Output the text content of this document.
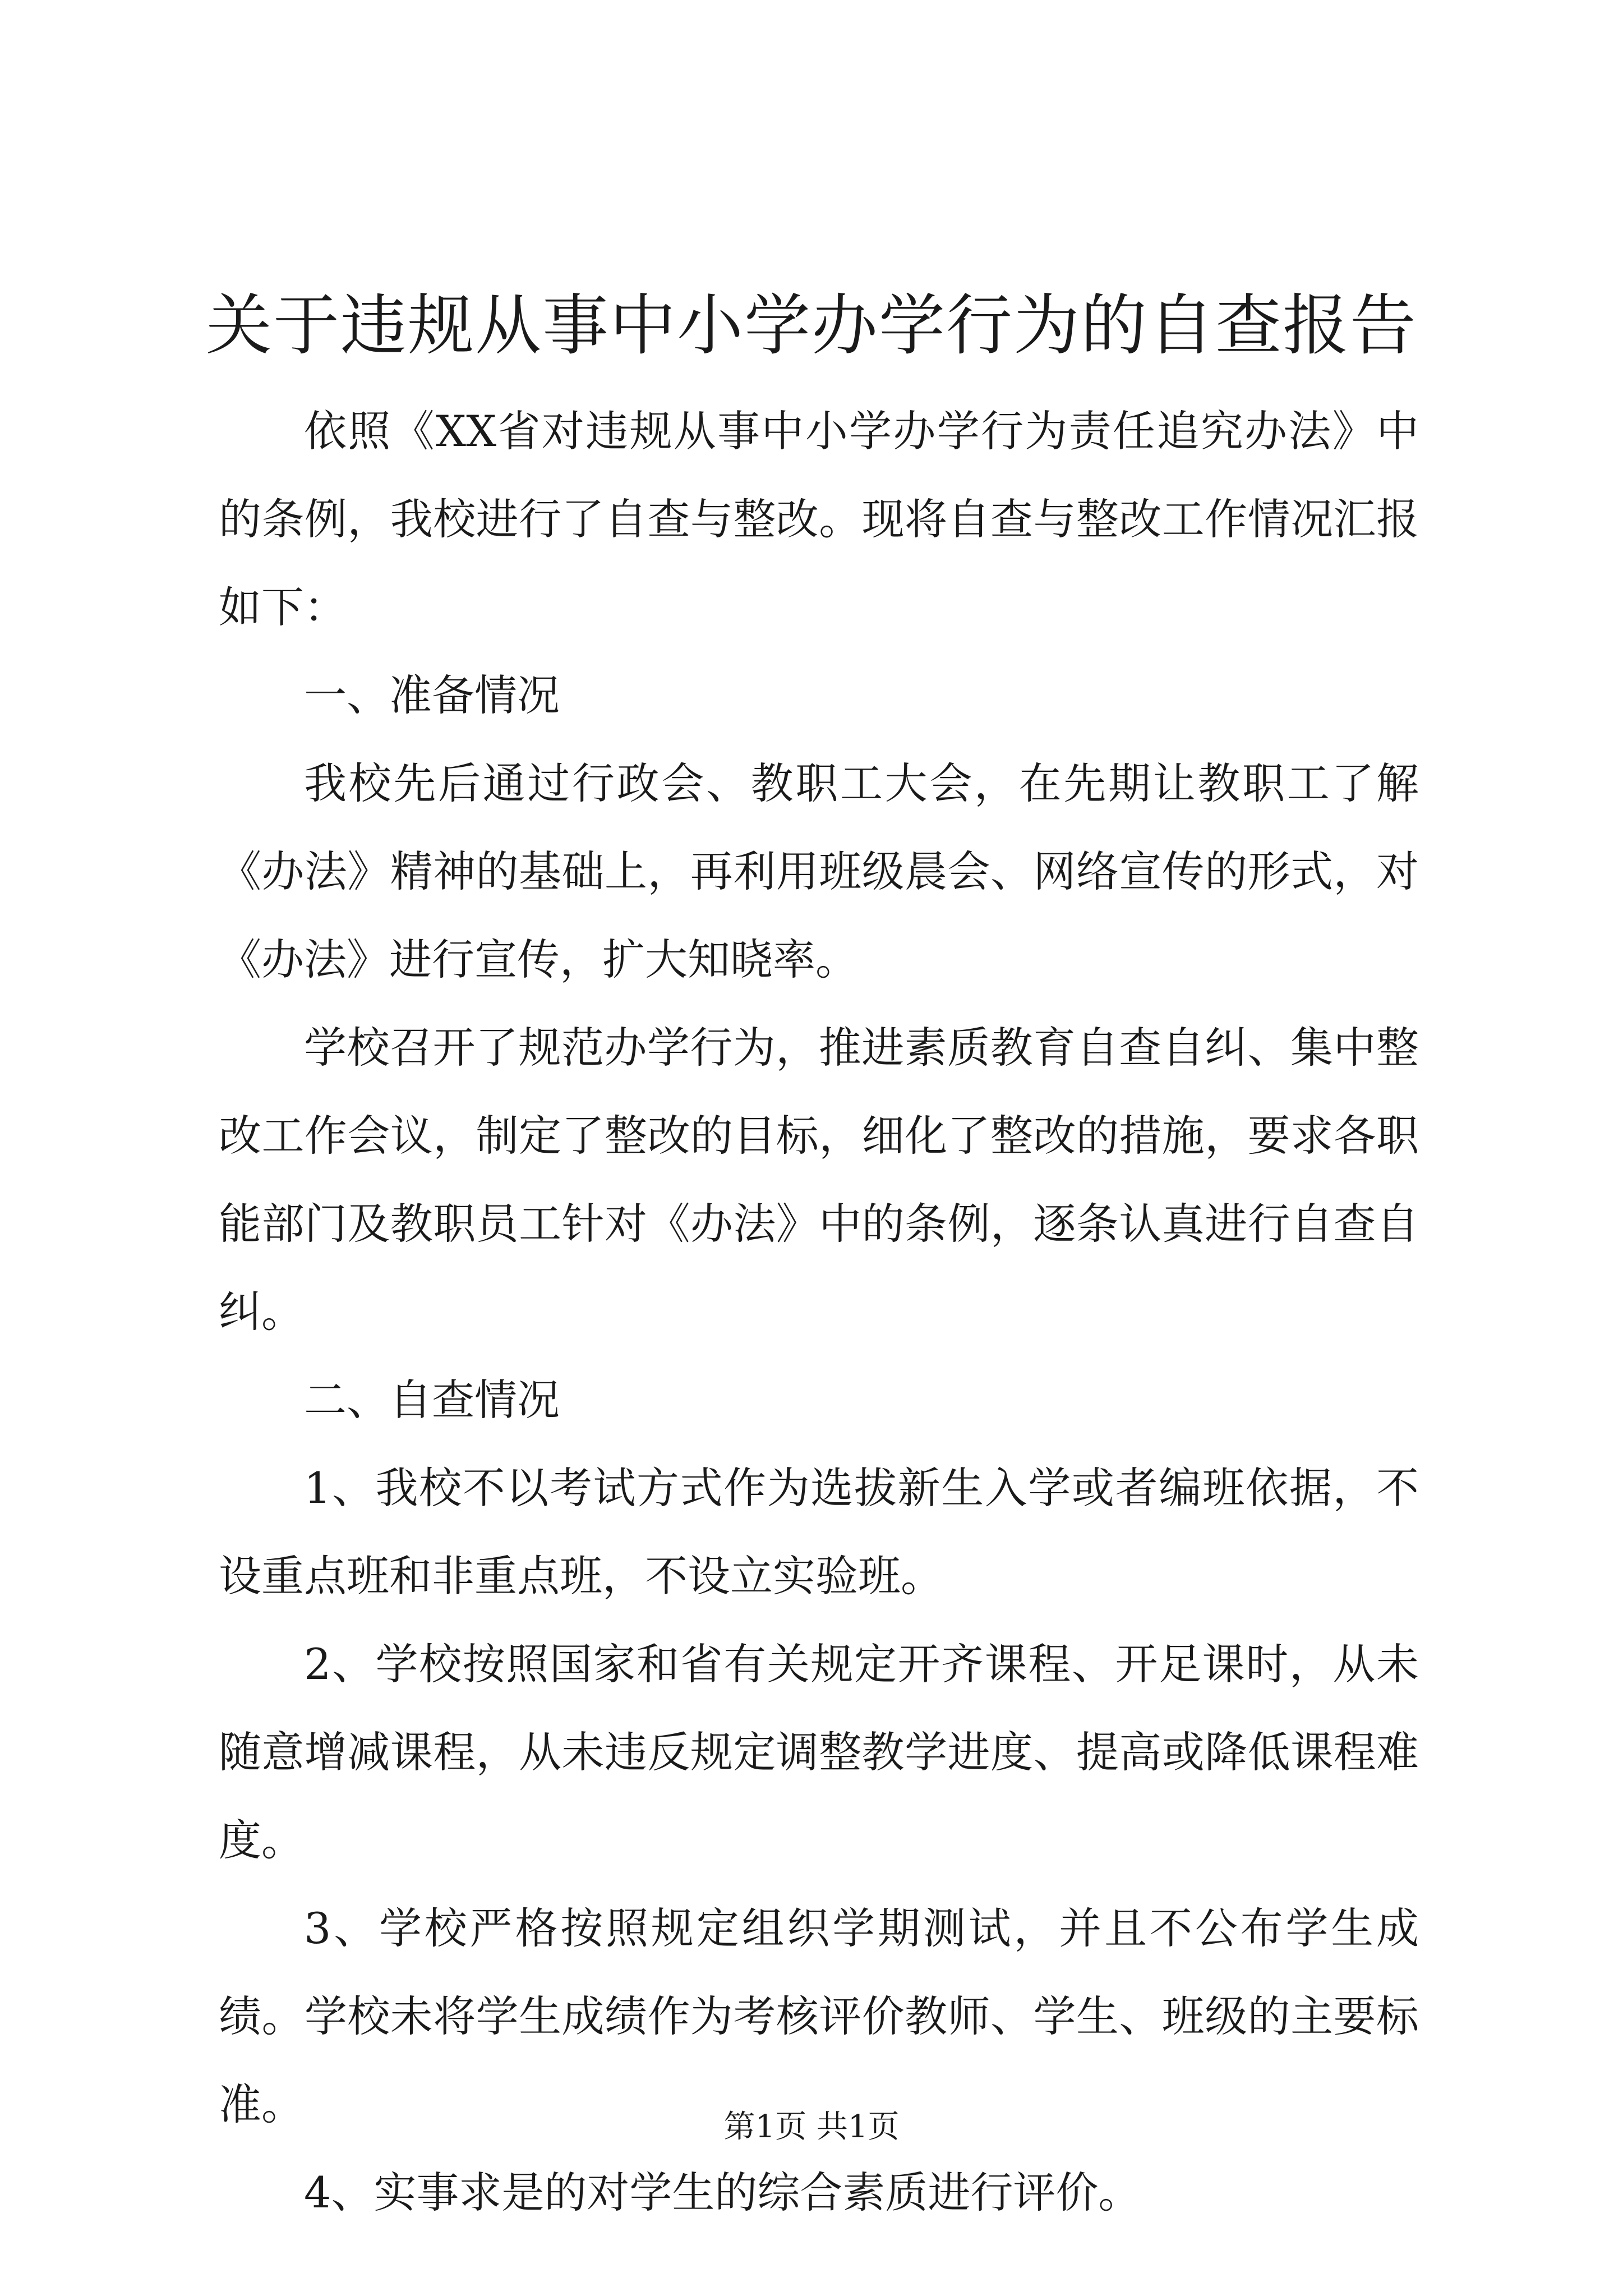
关于违规从事中小学办学行为的自查报告

依照《XX省对违规从事中小学办学行为责任追究办法》中的条例，我校进行了自查与整改。现将自查与整改工作情况汇报如下：

一、准备情况

我校先后通过行政会、教职工大会，在先期让教职工了解《办法》精神的基础上，再利用班级晨会、网络宣传的形式，对《办法》进行宣传，扩大知晓率。

学校召开了规范办学行为，推进素质教育自查自纠、集中整改工作会议，制定了整改的目标，细化了整改的措施，要求各职能部门及教职员工针对《办法》中的条例，逐条认真进行自查自纠。

二、自查情况

1、我校不以考试方式作为选拔新生入学或者编班依据，不设重点班和非重点班，不设立实验班。

2、学校按照国家和省有关规定开齐课程、开足课时，从未随意增减课程，从未违反规定调整教学进度、提高或降低课程难度。

3、学校严格按照规定组织学期测试，并且不公布学生成绩。学校未将学生成绩作为考核评价教师、学生、班级的主要标准。

4、实事求是的对学生的综合素质进行评价。

第1页 共1页
